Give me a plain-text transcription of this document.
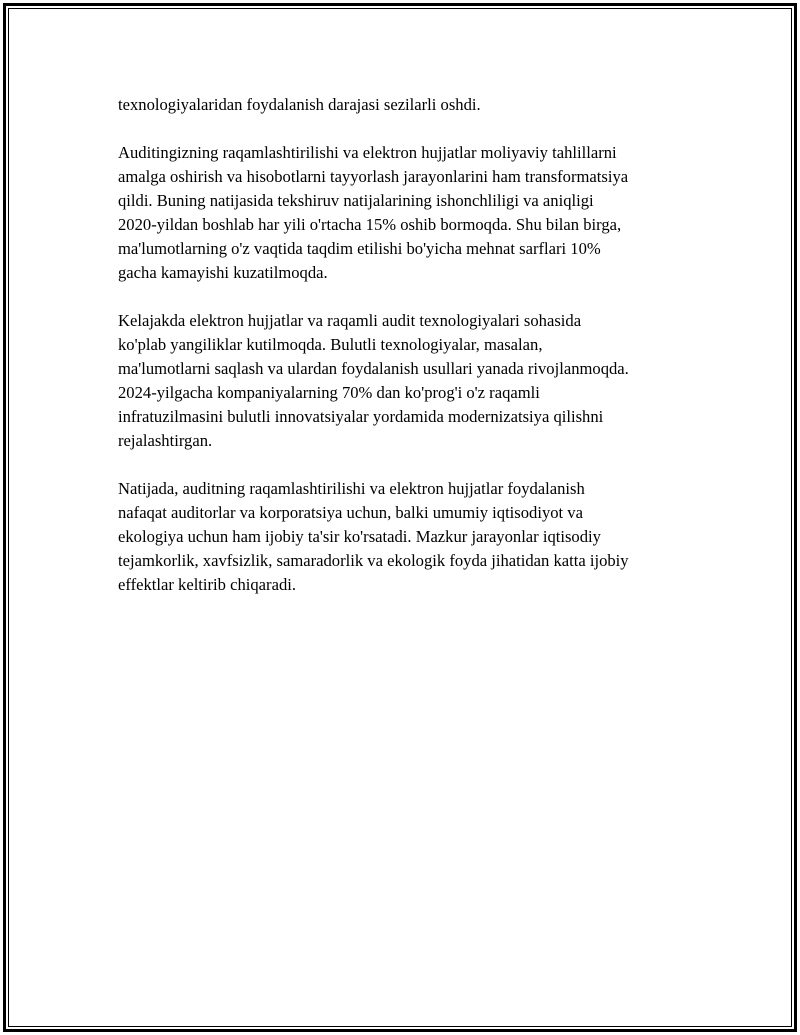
texnologiyalaridan foydalanish darajasi sezilarli oshdi.

Auditingizning raqamlashtirilishi va elektron hujjatlar moliyaviy tahlillarni
amalga oshirish va hisobotlarni tayyorlash jarayonlarini ham transformatsiya
qildi. Buning natijasida tekshiruv natijalarining ishonchliligi va aniqligi
2020-yildan boshlab har yili o'rtacha 15% oshib bormoqda. Shu bilan birga,
ma'lumotlarning o'z vaqtida taqdim etilishi bo'yicha mehnat sarflari 10%
gacha kamayishi kuzatilmoqda.

Kelajakda elektron hujjatlar va raqamli audit texnologiyalari sohasida
ko'plab yangiliklar kutilmoqda. Bulutli texnologiyalar, masalan,
ma'lumotlarni saqlash va ulardan foydalanish usullari yanada rivojlanmoqda.
2024-yilgacha kompaniyalarning 70% dan ko'prog'i o'z raqamli
infratuzilmasini bulutli innovatsiyalar yordamida modernizatsiya qilishni
rejalashtirgan.

Natijada, auditning raqamlashtirilishi va elektron hujjatlar foydalanish
nafaqat auditorlar va korporatsiya uchun, balki umumiy iqtisodiyot va
ekologiya uchun ham ijobiy ta'sir ko'rsatadi. Mazkur jarayonlar iqtisodiy
tejamkorlik, xavfsizlik, samaradorlik va ekologik foyda jihatidan katta ijobiy
effektlar keltirib chiqaradi.
